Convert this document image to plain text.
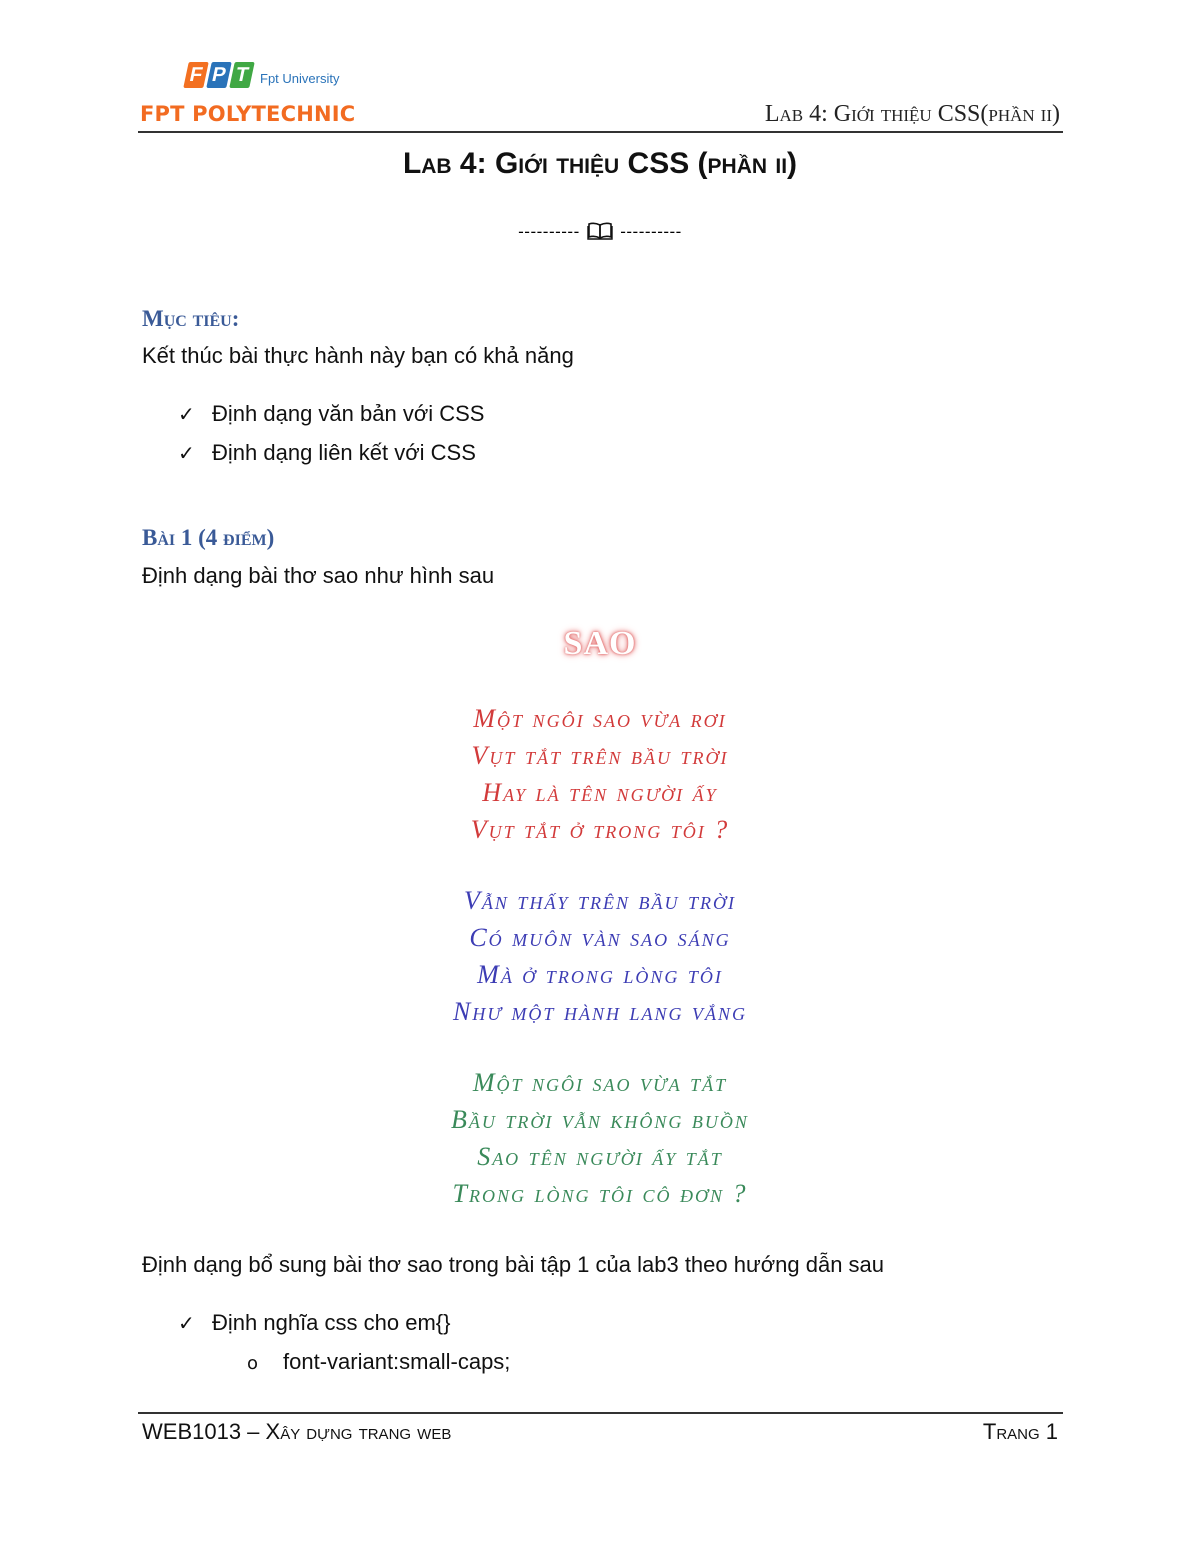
F P T Fpt University
FPT POLYTECHNIC	Lab 4: Giới thiệu CSS(phần ii)
Lab 4: Giới thiệu CSS (phần ii)
---------- ----------
Mục tiêu:
Kết thúc bài thực hành này bạn có khả năng
✓ Định dạng văn bản với CSS
✓ Định dạng liên kết với CSS
Bài 1 (4 điểm)
Định dạng bài thơ sao như hình sau
SAO
Một ngôi sao vừa rơi
Vụt tắt trên bầu trời
Hay là tên người ấy
Vụt tắt ở trong tôi ?
Vẫn thấy trên bầu trời
Có muôn vàn sao sáng
Mà ở trong lòng tôi
Như một hành lang vắng
Một ngôi sao vừa tắt
Bầu trời vẫn không buồn
Sao tên người ấy tắt
Trong lòng tôi cô đơn ?
Định dạng bổ sung bài thơ sao trong bài tập 1 của lab3 theo hướng dẫn sau
✓ Định nghĩa css cho em{}
o font-variant:small-caps;
WEB1013 – Xây dựng trang web	Trang 1
